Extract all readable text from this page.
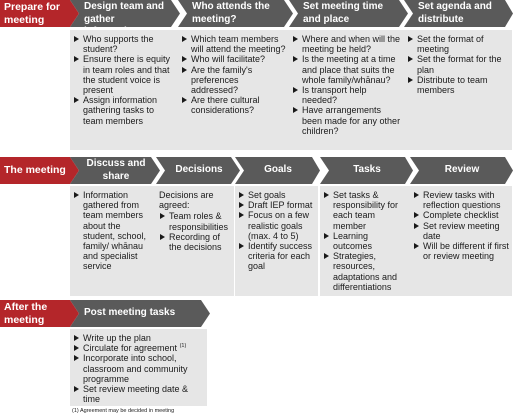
Prepare for meeting
The meeting
After the meeting
Design team and gather
Who supports the student?
Ensure there is equity in team roles and that the student voice is present
Assign information gathering tasks to team members
Who attends the meeting?
Which team members will attend the meeting?
Who will facilitate?
Are the family's preferences addressed?
Are there cultural considerations?
Set meeting time and place
Where and when will the meeting be held?
Is the meeting at a time and place that suits the whole family/whānau?
Is transport help needed?
Have arrangements been made for any other children?
Set agenda and distribute
Set the format of meeting
Set the format for the plan
Distribute to team members
Discuss and share
Information gathered from team members about the student, school, family/ whānau and specialist service
Decisions
Decisions are agreed:
Team roles & responsibilities
Recording of the decisions
Goals
Set goals
Draft IEP format
Focus on a few realistic goals (max. 4 to 5)
Identify success criteria for each goal
Tasks
Set tasks & responsibility for each team member
Learning outcomes
Strategies, resources, adaptations and differentiations
Review
Review tasks with reflection questions
Complete checklist
Set review meeting date
Will be different if first or review meeting
Post meeting tasks
Write up the plan
Circulate for agreement $^{(1)}$
Incorporate into school, classroom and community programme
Set review meeting date & time
(1) Agreement may be decided in meeting
